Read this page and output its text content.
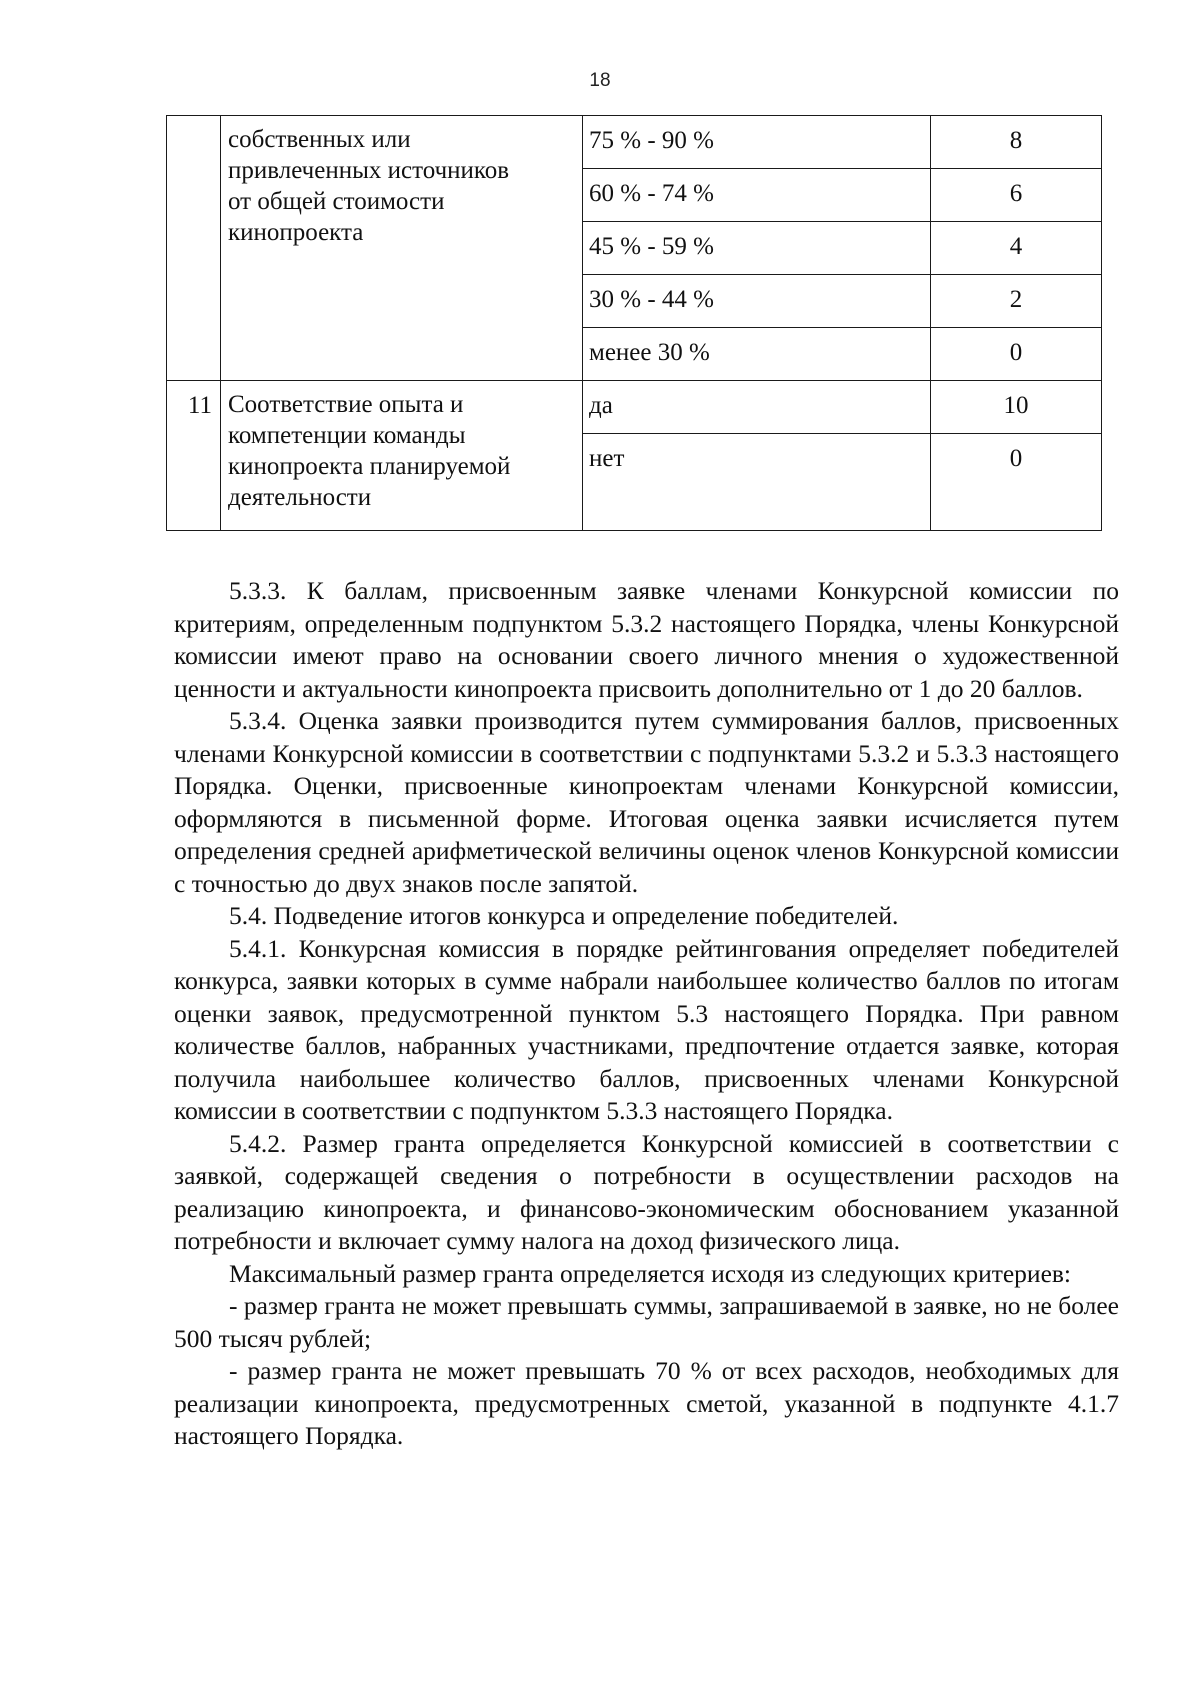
18

	собственных или
привлеченных источников
от общей стоимости
кинопроекта	75 % - 90 %	8
		60 % - 74 %	6
		45 % - 59 %	4
		30 % - 44 %	2
		менее 30 %	0
11	Соответствие опыта и
компетенции команды
кинопроекта планируемой
деятельности	да	10
		нет	0

5.3.3. К баллам, присвоенным заявке членами Конкурсной комиссии по критериям, определенным подпунктом 5.3.2 настоящего Порядка, члены Конкурсной комиссии имеют право на основании своего личного мнения о художественной ценности и актуальности кинопроекта присвоить дополнительно от 1 до 20 баллов.

5.3.4. Оценка заявки производится путем суммирования баллов, присвоенных членами Конкурсной комиссии в соответствии с подпунктами 5.3.2 и 5.3.3 настоящего Порядка. Оценки, присвоенные кинопроектам членами Конкурсной комиссии, оформляются в письменной форме. Итоговая оценка заявки исчисляется путем определения средней арифметической величины оценок членов Конкурсной комиссии с точностью до двух знаков после запятой.

5.4. Подведение итогов конкурса и определение победителей.

5.4.1. Конкурсная комиссия в порядке рейтингования определяет победителей конкурса, заявки которых в сумме набрали наибольшее количество баллов по итогам оценки заявок, предусмотренной пунктом 5.3 настоящего Порядка. При равном количестве баллов, набранных участниками, предпочтение отдается заявке, которая получила наибольшее количество баллов, присвоенных членами Конкурсной комиссии в соответствии с подпунктом 5.3.3 настоящего Порядка.

5.4.2. Размер гранта определяется Конкурсной комиссией в соответствии с заявкой, содержащей сведения о потребности в осуществлении расходов на реализацию кинопроекта, и финансово-экономическим обоснованием указанной потребности и включает сумму налога на доход физического лица.

Максимальный размер гранта определяется исходя из следующих критериев:

- размер гранта не может превышать суммы, запрашиваемой в заявке, но не более 500 тысяч рублей;

- размер гранта не может превышать 70 % от всех расходов, необходимых для реализации кинопроекта, предусмотренных сметой, указанной в подпункте 4.1.7 настоящего Порядка.
